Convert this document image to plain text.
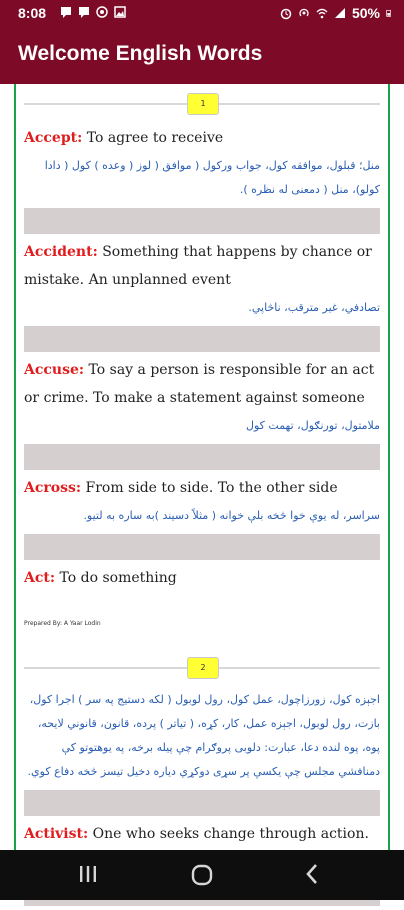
8:08	50%
Welcome English Words
1
Accept: To agree to receive
منل؛ قبلول، موافقه کول، جواب ورکول ( موافق ( لوز ( وعده ) کول ( دادا کولو)، منل ( دمعنی له نظره ).
Accident: Something that happens by chance or mistake. An unplanned event
تصادفي، غیر مترقب، ناڅاپي.
Accuse: To say a person is responsible for an act or crime. To make a statement against someone
ملامتول، تورنګول، تهمت کول
Across: From side to side. To the other side
سراسر، له یوې خوا څخه بلې خوانه ( مثلاً دسیند )به ساره به لتیو.
Act: To do something
Prepared By: A Yaar Lodin
2
اجېزه کول، زورزاچول، عمل کول، رول لوبول ( لکه دستیج په سر ) اجرا کول، بازت، رول لوبول، اجېزه عمل، کار، کړه، ( تیاتر ) پرده، قانون، قانوني لايحه، پوه، پوه لنده دعا، عبارت: دلوبی پروګرام چې پیله برخه، په یوهتوتو کې دمنافشي مجلس چې یکسې پر سړی دوکړي دیاره دخیل تیسز څخه دفاع کوي.
Activist: One who seeks change through action.
